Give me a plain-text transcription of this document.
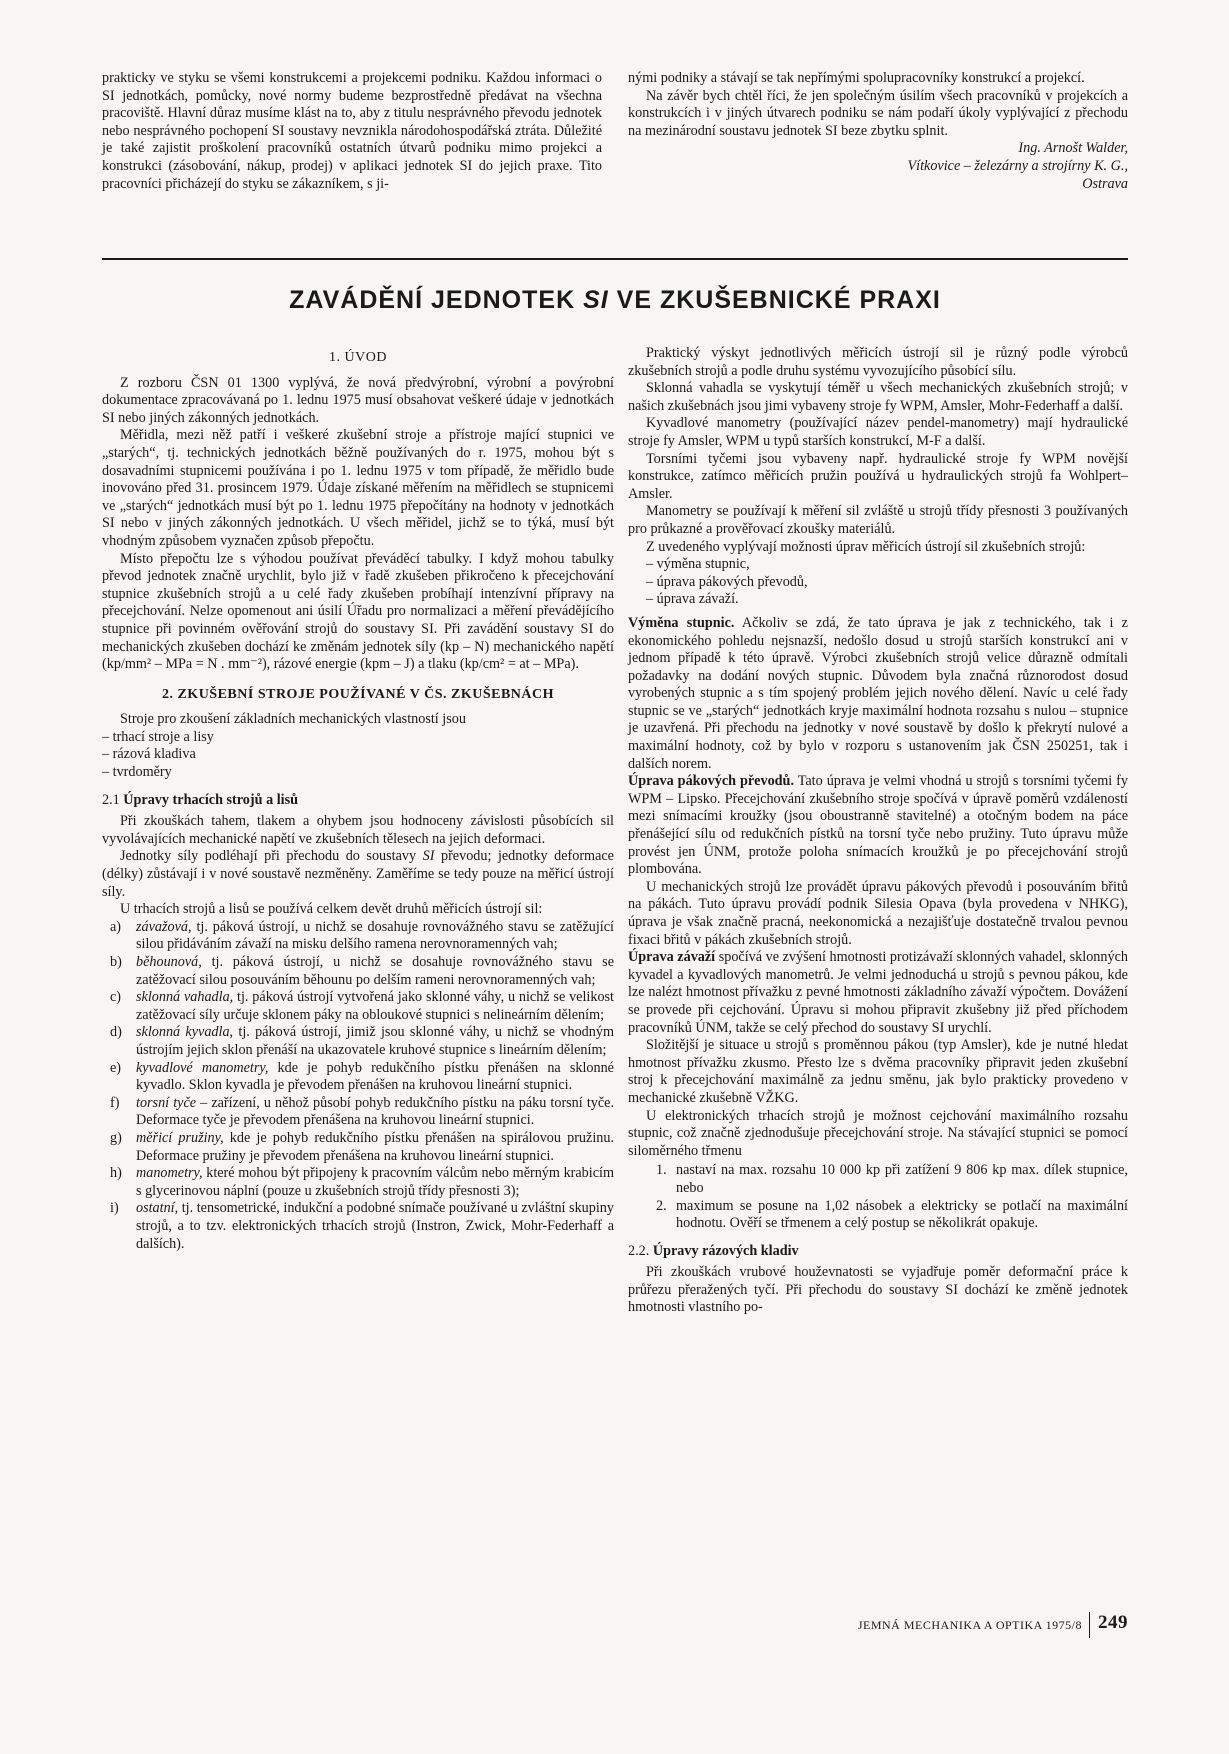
prakticky ve styku se všemi konstrukcemi a projekcemi podniku. Každou informaci o SI jednotkách, pomůcky, nové normy budeme bezprostředně předávat na všechna pracoviště. Hlavní důraz musíme klást na to, aby z titulu nesprávného převodu jednotek nebo nesprávného pochopení SI soustavy nevznikla národohospodářská ztráta. Důležité je také zajistit proškolení pracovníků ostatních útvarů podniku mimo projekci a konstrukci (zásobování, nákup, prodej) v aplikaci jednotek SI do jejich praxe. Tito pracovníci přicházejí do styku se zákazníkem, s ji-

nými podniky a stávají se tak nepřímými spolupracovníky konstrukcí a projekcí.

Na závěr bych chtěl říci, že jen společným úsilím všech pracovníků v projekcích a konstrukcích i v jiných útvarech podniku se nám podaří úkoly vyplývající z přechodu na mezinárodní soustavu jednotek SI beze zbytku splnit.

Ing. Arnošt Walder,

Vítkovice – železárny a strojírny K. G.,

Ostrava

ZAVÁDĚNÍ JEDNOTEK SI VE ZKUŠEBNICKÉ PRAXI
1. ÚVOD

Z rozboru ČSN 01 1300 vyplývá, že nová předvýrobní, výrobní a povýrobní dokumentace zpracovávaná po 1. lednu 1975 musí obsahovat veškeré údaje v jednotkách SI nebo jiných zákonných jednotkách.

Měřidla, mezi něž patří i veškeré zkušební stroje a přístroje mající stupnici ve „starých“, tj. technických jednotkách běžně používaných do r. 1975, mohou být s dosavadními stupnicemi používána i po 1. lednu 1975 v tom případě, že měřidlo bude inovováno před 31. prosincem 1979. Údaje získané měřením na měřidlech se stupnicemi ve „starých“ jednotkách musí být po 1. lednu 1975 přepočítány na hodnoty v jednotkách SI nebo v jiných zákonných jednotkách. U všech měřidel, jichž se to týká, musí být vhodným způsobem vyznačen způsob přepočtu.

Místo přepočtu lze s výhodou používat převáděcí tabulky. I když mohou tabulky převod jednotek značně urychlit, bylo již v řadě zkušeben přikročeno k přecejchování stupnice zkušebních strojů a u celé řady zkušeben probíhají intenzívní přípravy na přecejchování. Nelze opomenout ani úsilí Úřadu pro normalizaci a měření převádějícího stupnice při povinném ověřování strojů do soustavy SI. Při zavádění soustavy SI do mechanických zkušeben dochází ke změnám jednotek síly (kp – N) mechanického napětí (kp/mm² – MPa = N . mm⁻²), rázové energie (kpm – J) a tlaku (kp/cm² = at – MPa).

2. ZKUŠEBNÍ STROJE POUŽÍVANÉ V ČS. ZKUŠEBNÁCH

Stroje pro zkoušení základních mechanických vlastností jsou

– trhací stroje a lisy
– rázová kladiva
– tvrdoměry
2.1 Úpravy trhacích strojů a lisů

Při zkouškách tahem, tlakem a ohybem jsou hodnoceny závislosti působících sil vyvolávajících mechanické napětí ve zkušebních tělesech na jejich deformaci.

Jednotky síly podléhají při přechodu do soustavy SI převodu; jednotky deformace (délky) zůstávají i v nové soustavě nezměněny. Zaměříme se tedy pouze na měřicí ústrojí síly.

U trhacích strojů a lisů se používá celkem devět druhů měřicích ústrojí sil:

a) závažová, tj. páková ústrojí, u nichž se dosahuje rovnovážného stavu se zatěžující silou přidáváním závaží na misku delšího ramena nerovnoramenných vah;
b) běhounová, tj. páková ústrojí, u nichž se dosahuje rovnovážného stavu se zatěžovací silou posouváním běhounu po delším rameni nerovnoramenných vah;
c) sklonná vahadla, tj. páková ústrojí vytvořená jako sklonné váhy, u nichž se velikost zatěžovací síly určuje sklonem páky na obloukové stupnici s nelineárním dělením;
d) sklonná kyvadla, tj. páková ústrojí, jimiž jsou sklonné váhy, u nichž se vhodným ústrojím jejich sklon přenáší na ukazovatele kruhové stupnice s lineárním dělením;
e) kyvadlové manometry, kde je pohyb redukčního pístku přenášen na sklonné kyvadlo. Sklon kyvadla je převodem přenášen na kruhovou lineární stupnici.
f) torsní tyče – zařízení, u něhož působí pohyb redukčního pístku na páku torsní tyče. Deformace tyče je převodem přenášena na kruhovou lineární stupnici.
g) měřicí pružiny, kde je pohyb redukčního pístku přenášen na spirálovou pružinu. Deformace pružiny je převodem přenášena na kruhovou lineární stupnici.
h) manometry, které mohou být připojeny k pracovním válcům nebo měrným krabicím s glycerinovou náplní (pouze u zkušebních strojů třídy přesnosti 3);
i) ostatní, tj. tensometrické, indukční a podobné snímače používané u zvláštní skupiny strojů, a to tzv. elektronických trhacích strojů (Instron, Zwick, Mohr-Federhaff a dalších).

Praktický výskyt jednotlivých měřicích ústrojí sil je různý podle výrobců zkušebních strojů a podle druhu systému vyvozujícího působící sílu.

Sklonná vahadla se vyskytují téměř u všech mechanických zkušebních strojů; v našich zkušebnách jsou jimi vybaveny stroje fy WPM, Amsler, Mohr-Federhaff a další.

Kyvadlové manometry (používající název pendel-manometry) mají hydraulické stroje fy Amsler, WPM u typů starších konstrukcí, M-F a další.

Torsními tyčemi jsou vybaveny např. hydraulické stroje fy WPM novější konstrukce, zatímco měřicích pružin používá u hydraulických strojů fa Wohlpert–Amsler.

Manometry se používají k měření sil zvláště u strojů třídy přesnosti 3 používaných pro průkazné a prověřovací zkoušky materiálů.

Z uvedeného vyplývají možnosti úprav měřicích ústrojí sil zkušebních strojů:

– výměna stupnic,
– úprava pákových převodů,
– úprava závaží.

Výměna stupnic. Ačkoliv se zdá, že tato úprava je jak z technického, tak i z ekonomického pohledu nejsnazší, nedošlo dosud u strojů starších konstrukcí ani v jednom případě k této úpravě. Výrobci zkušebních strojů velice důrazně odmítali požadavky na dodání nových stupnic. Důvodem byla značná různorodost dosud vyrobených stupnic a s tím spojený problém jejich nového dělení. Navíc u celé řady stupnic se ve „starých“ jednotkách kryje maximální hodnota rozsahu s nulou – stupnice je uzavřená. Při přechodu na jednotky v nové soustavě by došlo k překrytí nulové a maximální hodnoty, což by bylo v rozporu s ustanovením jak ČSN 250251, tak i dalších norem.

Úprava pákových převodů. Tato úprava je velmi vhodná u strojů s torsními tyčemi fy WPM – Lipsko. Přecejchování zkušebního stroje spočívá v úpravě poměrů vzdáleností mezi snímacími kroužky (jsou oboustranně stavitelné) a otočným bodem na páce přenášející sílu od redukčních pístků na torsní tyče nebo pružiny. Tuto úpravu může provést jen ÚNM, protože poloha snímacích kroužků je po přecejchování strojů plombována.

U mechanických strojů lze provádět úpravu pákových převodů i posouváním břitů na pákách. Tuto úpravu provádí podnik Silesia Opava (byla provedena v NHKG), úprava je však značně pracná, neekonomická a nezajišťuje dostatečně trvalou pevnou fixaci břitů v pákách zkušebních strojů.

Úprava závaží spočívá ve zvýšení hmotnosti protizávaží sklonných vahadel, sklonných kyvadel a kyvadlových manometrů. Je velmi jednoduchá u strojů s pevnou pákou, kde lze nalézt hmotnost přívažku z pevné hmotnosti základního závaží výpočtem. Dovážení se provede při cejchování. Úpravu si mohou připravit zkušebny již před příchodem pracovníků ÚNM, takže se celý přechod do soustavy SI urychlí.

Složitější je situace u strojů s proměnnou pákou (typ Amsler), kde je nutné hledat hmotnost přívažku zkusmo. Přesto lze s dvěma pracovníky připravit jeden zkušební stroj k přecejchování maximálně za jednu směnu, jak bylo prakticky provedeno v mechanické zkušebně VŽKG.

U elektronických trhacích strojů je možnost cejchování maximálního rozsahu stupnic, což značně zjednodušuje přecejchování stroje. Na stávající stupnici se pomocí siloměrného třmenu

1. nastaví na max. rozsahu 10 000 kp při zatížení 9 806 kp max. dílek stupnice, nebo
2. maximum se posune na 1,02 násobek a elektricky se potlačí na maximální hodnotu. Ověří se třmenem a celý postup se několikrát opakuje.
2.2. Úpravy rázových kladiv

Při zkouškách vrubové houževnatosti se vyjadřuje poměr deformační práce k průřezu přeražených tyčí. Při přechodu do soustavy SI dochází ke změně jednotek hmotnosti vlastního po-

JEMNÁ MECHANIKA A OPTIKA 1975/8 249
